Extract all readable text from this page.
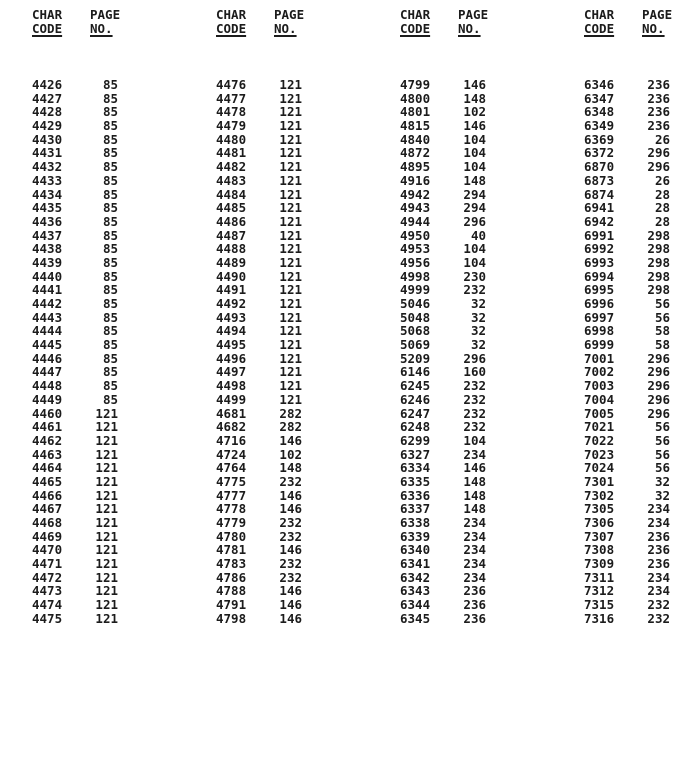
CHAR
CODE
PAGE
NO.
4426	85
4427	85
4428	85
4429	85
4430	85
4431	85
4432	85
4433	85
4434	85
4435	85
4436	85
4437	85
4438	85
4439	85
4440	85
4441	85
4442	85
4443	85
4444	85
4445	85
4446	85
4447	85
4448	85
4449	85
4460	121
4461	121
4462	121
4463	121
4464	121
4465	121
4466	121
4467	121
4468	121
4469	121
4470	121
4471	121
4472	121
4473	121
4474	121
4475	121
CHAR
CODE
PAGE
NO.
4476	121
4477	121
4478	121
4479	121
4480	121
4481	121
4482	121
4483	121
4484	121
4485	121
4486	121
4487	121
4488	121
4489	121
4490	121
4491	121
4492	121
4493	121
4494	121
4495	121
4496	121
4497	121
4498	121
4499	121
4681	282
4682	282
4716	146
4724	102
4764	148
4775	232
4777	146
4778	146
4779	232
4780	232
4781	146
4783	232
4786	232
4788	146
4791	146
4798	146
CHAR
CODE
PAGE
NO.
4799	146
4800	148
4801	102
4815	146
4840	104
4872	104
4895	104
4916	148
4942	294
4943	294
4944	296
4950	40
4953	104
4956	104
4998	230
4999	232
5046	32
5048	32
5068	32
5069	32
5209	296
6146	160
6245	232
6246	232
6247	232
6248	232
6299	104
6327	234
6334	146
6335	148
6336	148
6337	148
6338	234
6339	234
6340	234
6341	234
6342	234
6343	236
6344	236
6345	236
CHAR
CODE
PAGE
NO.
6346	236
6347	236
6348	236
6349	236
6369	26
6372	296
6870	296
6873	26
6874	28
6941	28
6942	28
6991	298
6992	298
6993	298
6994	298
6995	298
6996	56
6997	56
6998	58
6999	58
7001	296
7002	296
7003	296
7004	296
7005	296
7021	56
7022	56
7023	56
7024	56
7301	32
7302	32
7305	234
7306	234
7307	236
7308	236
7309	236
7311	234
7312	234
7315	232
7316	232
